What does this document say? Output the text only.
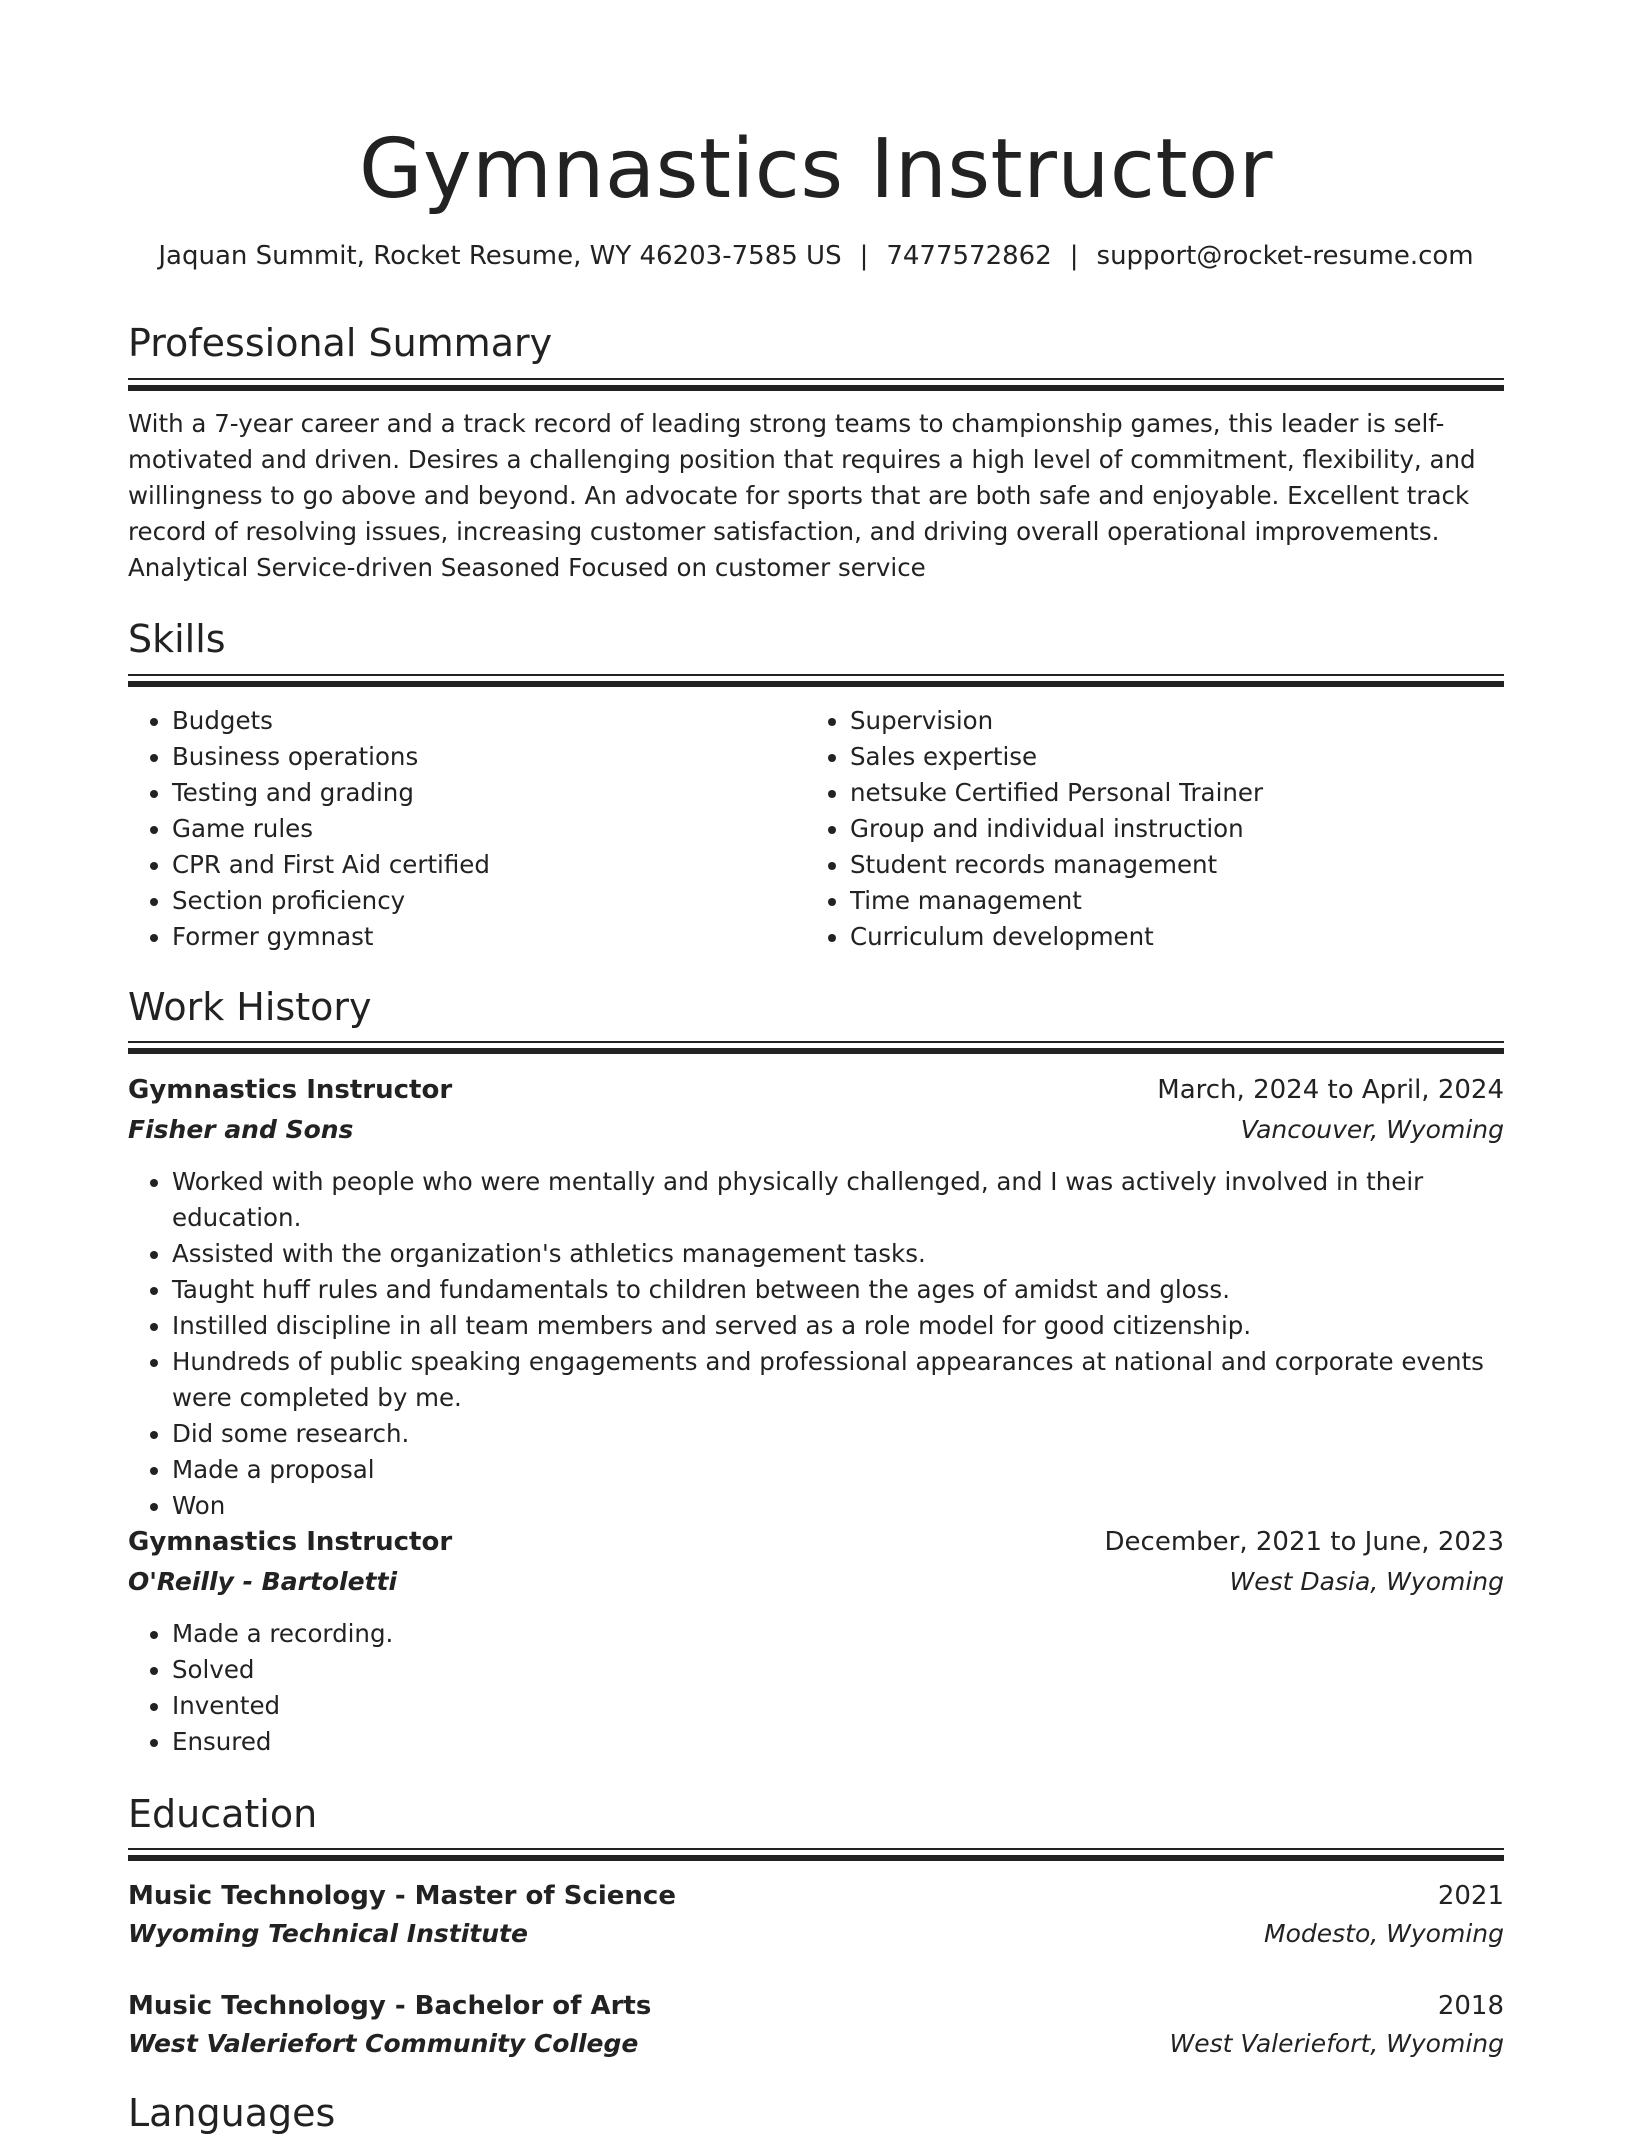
Gymnastics Instructor
Jaquan Summit, Rocket Resume, WY 46203-7585 US | 7477572862 | support@rocket-resume.com
Professional Summary

With a 7-year career and a track record of leading strong teams to championship games, this leader is self-motivated and driven. Desires a challenging position that requires a high level of commitment, flexibility, and willingness to go above and beyond. An advocate for sports that are both safe and enjoyable. Excellent track record of resolving issues, increasing customer satisfaction, and driving overall operational improvements. Analytical Service-driven Seasoned Focused on customer service

Skills
• Budgets
• Business operations
• Testing and grading
• Game rules
• CPR and First Aid certified
• Section proficiency
• Former gymnast
• Supervision
• Sales expertise
• netsuke Certified Personal Trainer
• Group and individual instruction
• Student records management
• Time management
• Curriculum development
Work History
Gymnastics Instructor	March, 2024 to April, 2024
Fisher and Sons	Vancouver, Wyoming
• Worked with people who were mentally and physically challenged, and I was actively involved in their education.
• Assisted with the organization's athletics management tasks.
• Taught huff rules and fundamentals to children between the ages of amidst and gloss.
• Instilled discipline in all team members and served as a role model for good citizenship.
• Hundreds of public speaking engagements and professional appearances at national and corporate events were completed by me.
• Did some research.
• Made a proposal
• Won
Gymnastics Instructor	December, 2021 to June, 2023
O'Reilly - Bartoletti	West Dasia, Wyoming
• Made a recording.
• Solved
• Invented
• Ensured
Education
Music Technology - Master of Science	2021
Wyoming Technical Institute	Modesto, Wyoming
Music Technology - Bachelor of Arts	2018
West Valeriefort Community College	West Valeriefort, Wyoming
Languages
